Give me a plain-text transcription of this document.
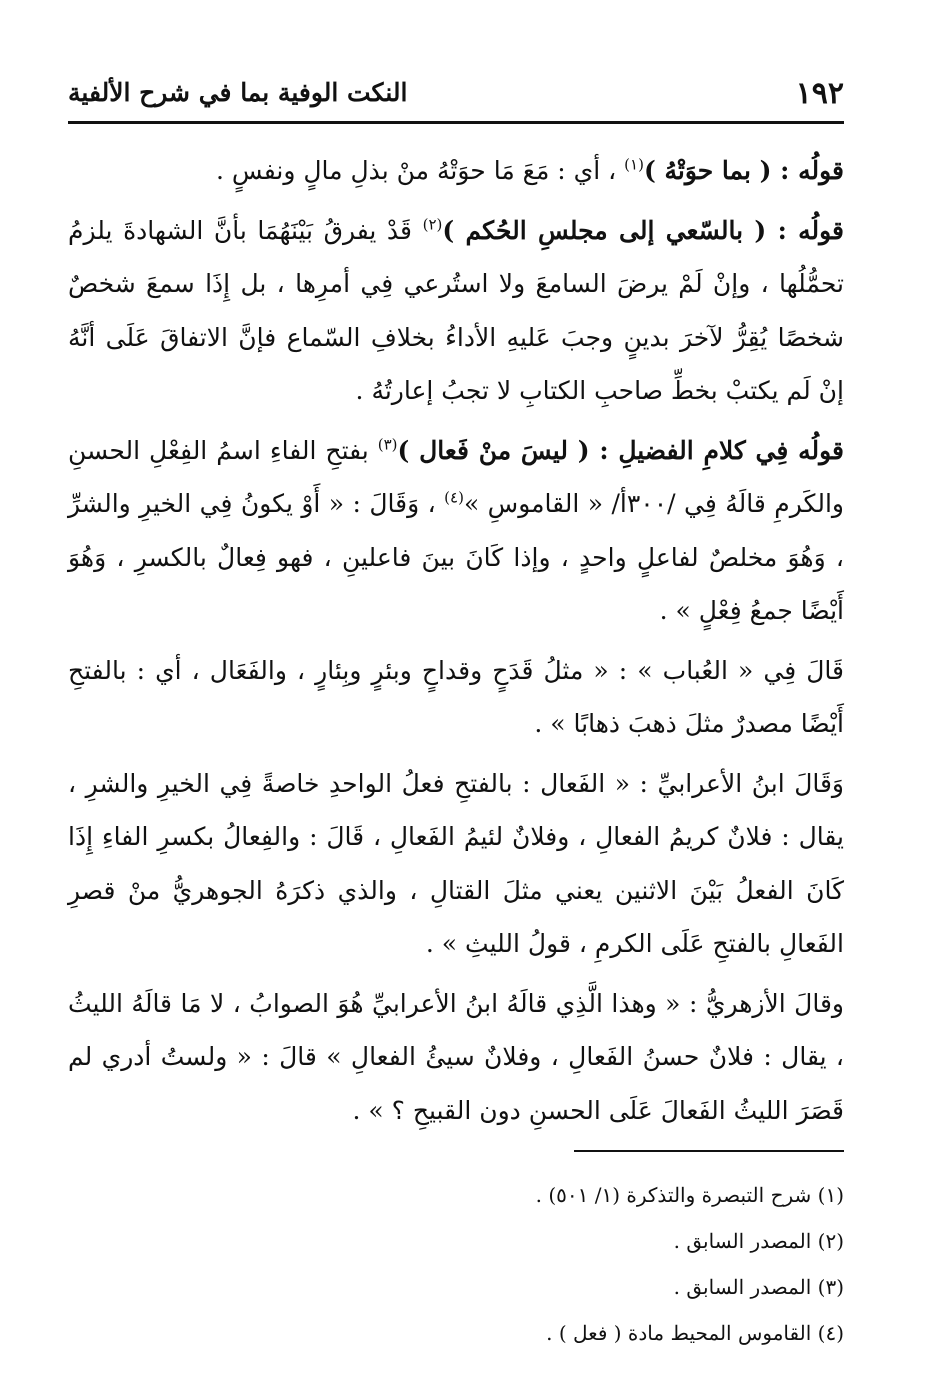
١٩٢
النكت الوفية بما في شرح الألفية

قولُه : ( بما حوَتْهُ )$^{(١)}$ ، أي : مَعَ مَا حوَتْهُ منْ بذلِ مالٍ ونفسٍ .

قولُه : ( بالسّعي إلى مجلسِ الحُكم )$^{(٢)}$ قَدْ يفرقُ بَيْنَهُمَا بأنَّ الشهادةَ يلزمُ تحمُّلُها ، وإنْ لَمْ يرضَ السامعَ ولا استُرعي فِي أمرِها ، بل إِذَا سمعَ شخصٌ شخصًا يُقِرُّ لآخرَ بدينٍ وجبَ عَليهِ الأداءُ بخلافِ السّماع فإنَّ الاتفاقَ عَلَى أنَّهُ إنْ لَم يكتبْ بخطِّ صاحبِ الكتابِ لا تجبُ إعارتُهُ .

قولُه فِي كلامِ الفضيلِ : ( ليسَ منْ فَعال )$^{(٣)}$ بفتحِ الفاءِ اسمُ الفِعْلِ الحسنِ والكَرمِ قالَهُ فِي /٣٠٠أ/ « القاموسِ »$^{(٤)}$ ، وَقَالَ : « أَوْ يكونُ فِي الخيرِ والشرِّ ، وَهُوَ مخلصٌ لفاعلٍ واحدٍ ، وإذا كَانَ بينَ فاعلينِ ، فهو فِعالٌ بالكسرِ ، وَهُوَ أَيْضًا جمعُ فِعْلٍ » .

قَالَ فِي « العُباب » : « مثلُ قَدَحٍ وقداحٍ وبئرٍ وبِئارٍ ، والفَعَال ، أي : بالفتحِ أَيْضًا مصدرٌ مثلَ ذهبَ ذهابًا » .

وَقَالَ ابنُ الأعرابيِّ : « الفَعال : بالفتحِ فعلُ الواحدِ خاصةً فِي الخيرِ والشرِ ، يقال : فلانٌ كريمُ الفعالِ ، وفلانٌ لئيمُ الفَعالِ ، قَالَ : والفِعالُ بكسرِ الفاءِ إِذَا كَانَ الفعلُ بَيْنَ الاثنين يعني مثلَ القتالِ ، والذي ذكرَهُ الجوهريُّ منْ قصرِ الفَعالِ بالفتحِ عَلَى الكرمِ ، قولُ الليثِ » .

وقالَ الأزهريُّ : « وهذا الَّذِي قالَهُ ابنُ الأعرابيِّ هُوَ الصوابُ ، لا مَا قالَهُ الليثُ ، يقال : فلانٌ حسنُ الفَعالِ ، وفلانٌ سيئُ الفعالِ » قالَ : « ولستُ أدري لم قَصَرَ الليثُ الفَعالَ عَلَى الحسنِ دون القبيحِ ؟ » .

(١) شرح التبصرة والتذكرة (١/ ٥٠١) .

(٢) المصدر السابق .

(٣) المصدر السابق .

(٤) القاموس المحيط مادة ( فعل ) .
